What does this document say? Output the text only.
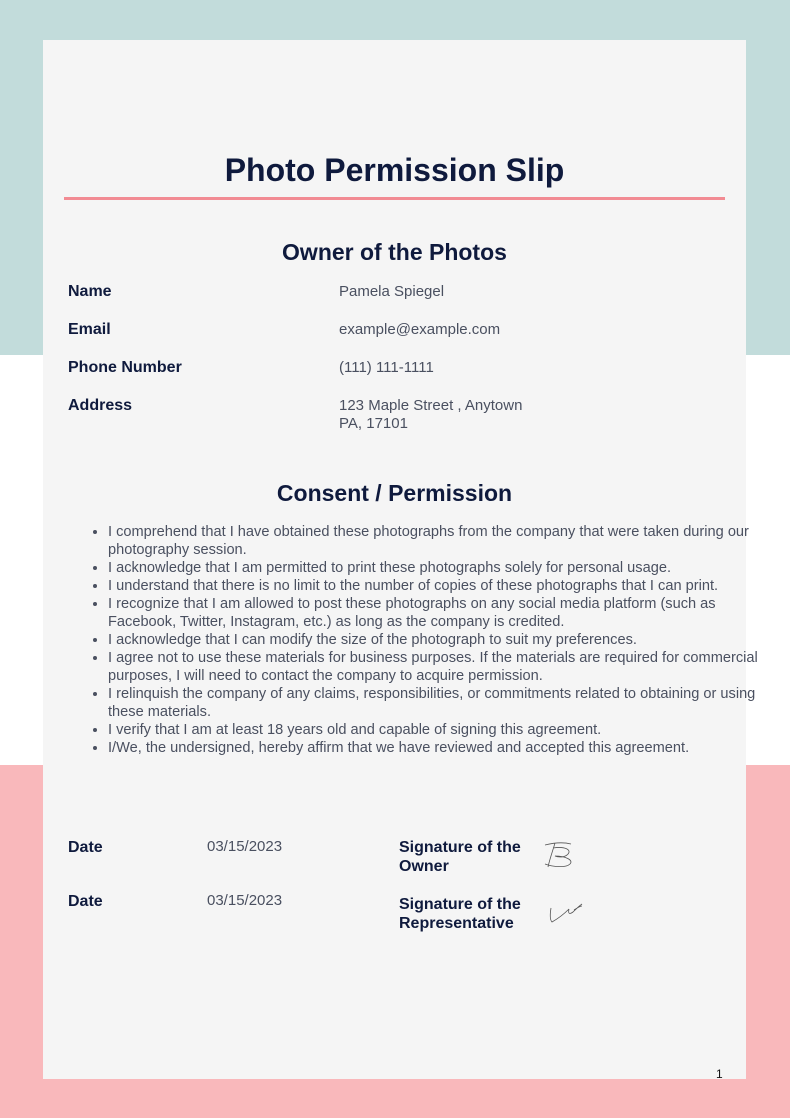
Photo Permission Slip
Owner of the Photos
Name	Pamela Spiegel
Email	example@example.com
Phone Number	(111) 111-1111
Address	123 Maple Street , Anytown
PA, 17101
Consent / Permission
• I comprehend that I have obtained these photographs from the company that were taken during our photography session.
• I acknowledge that I am permitted to print these photographs solely for personal usage.
• I understand that there is no limit to the number of copies of these photographs that I can print.
• I recognize that I am allowed to post these photographs on any social media platform (such as Facebook, Twitter, Instagram, etc.) as long as the company is credited.
• I acknowledge that I can modify the size of the photograph to suit my preferences.
• I agree not to use these materials for business purposes. If the materials are required for commercial purposes, I will need to contact the company to acquire permission.
• I relinquish the company of any claims, responsibilities, or commitments related to obtaining or using these materials.
• I verify that I am at least 18 years old and capable of signing this agreement.
• I/We, the undersigned, hereby affirm that we have reviewed and accepted this agreement.
Date	03/15/2023	Signature of the Owner
Date	03/15/2023	Signature of the Representative
1
